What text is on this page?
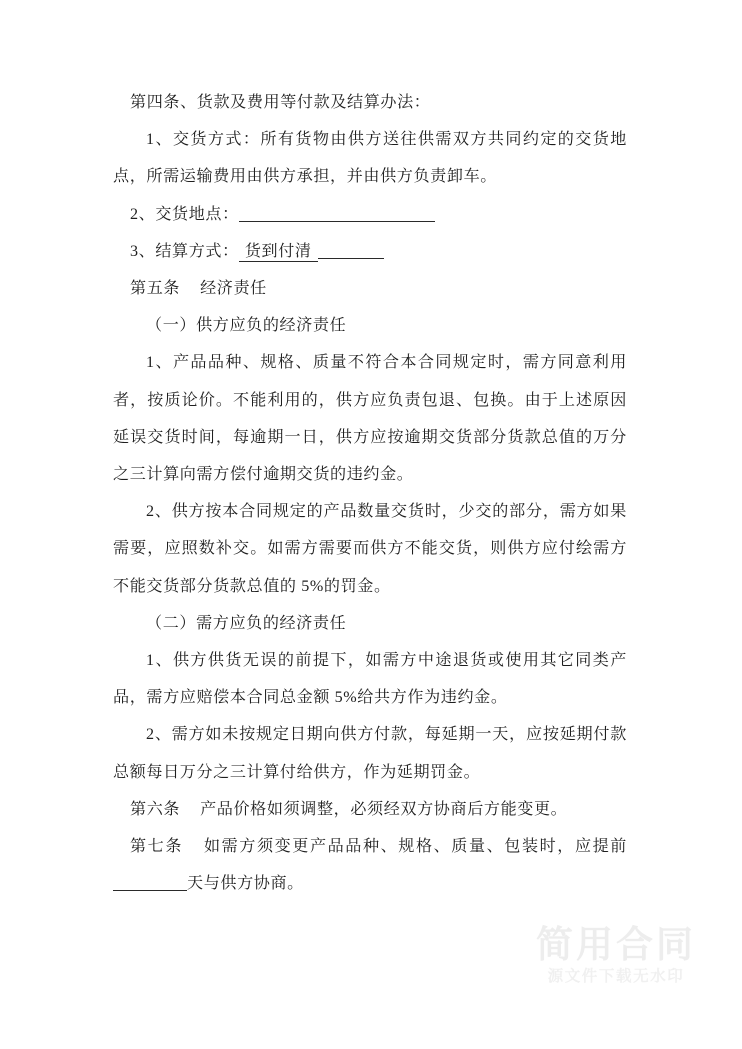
第四条、货款及费用等付款及结算办法：

1、交货方式：所有货物由供方送往供需双方共同约定的交货地点，所需运输费用由供方承担，并由供方负责卸车。

2、交货地点：

3、结算方式： 货到付清

第五条 经济责任

（一）供方应负的经济责任

1、产品品种、规格、质量不符合本合同规定时，需方同意利用者，按质论价。不能利用的，供方应负责包退、包换。由于上述原因延误交货时间，每逾期一日，供方应按逾期交货部分货款总值的万分之三计算向需方偿付逾期交货的违约金。

2、供方按本合同规定的产品数量交货时，少交的部分，需方如果需要，应照数补交。如需方需要而供方不能交货，则供方应付绘需方不能交货部分货款总值的 5%的罚金。

（二）需方应负的经济责任

1、供方供货无误的前提下，如需方中途退货或使用其它同类产品，需方应赔偿本合同总金额 5%给共方作为违约金。

2、需方如未按规定日期向供方付款，每延期一天，应按延期付款总额每日万分之三计算付给供方，作为延期罚金。

第六条 产品价格如须调整，必须经双方协商后方能变更。

第七条 如需方须变更产品品种、规格、质量、包装时，应提前天与供方协商。

简用合同
源文件下载无水印
